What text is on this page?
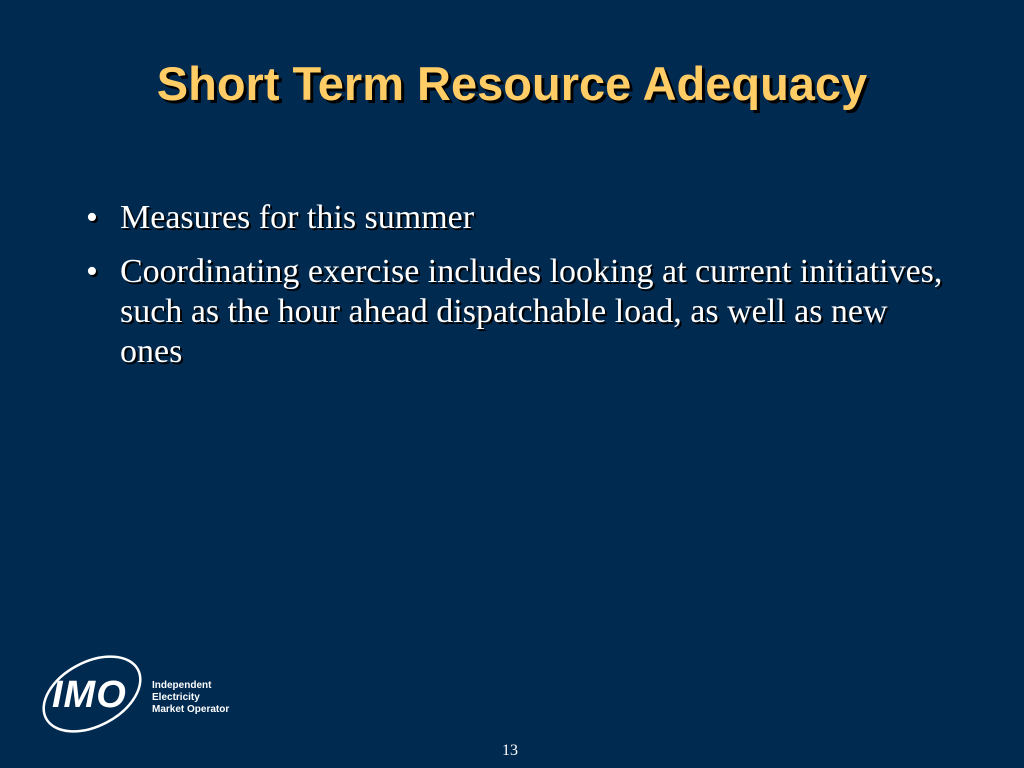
Short Term Resource Adequacy
• Measures for this summer
• Coordinating exercise includes looking at current initiatives, such as the hour ahead dispatchable load, as well as new ones
IMO	Independent
Electricity
Market Operator
13
